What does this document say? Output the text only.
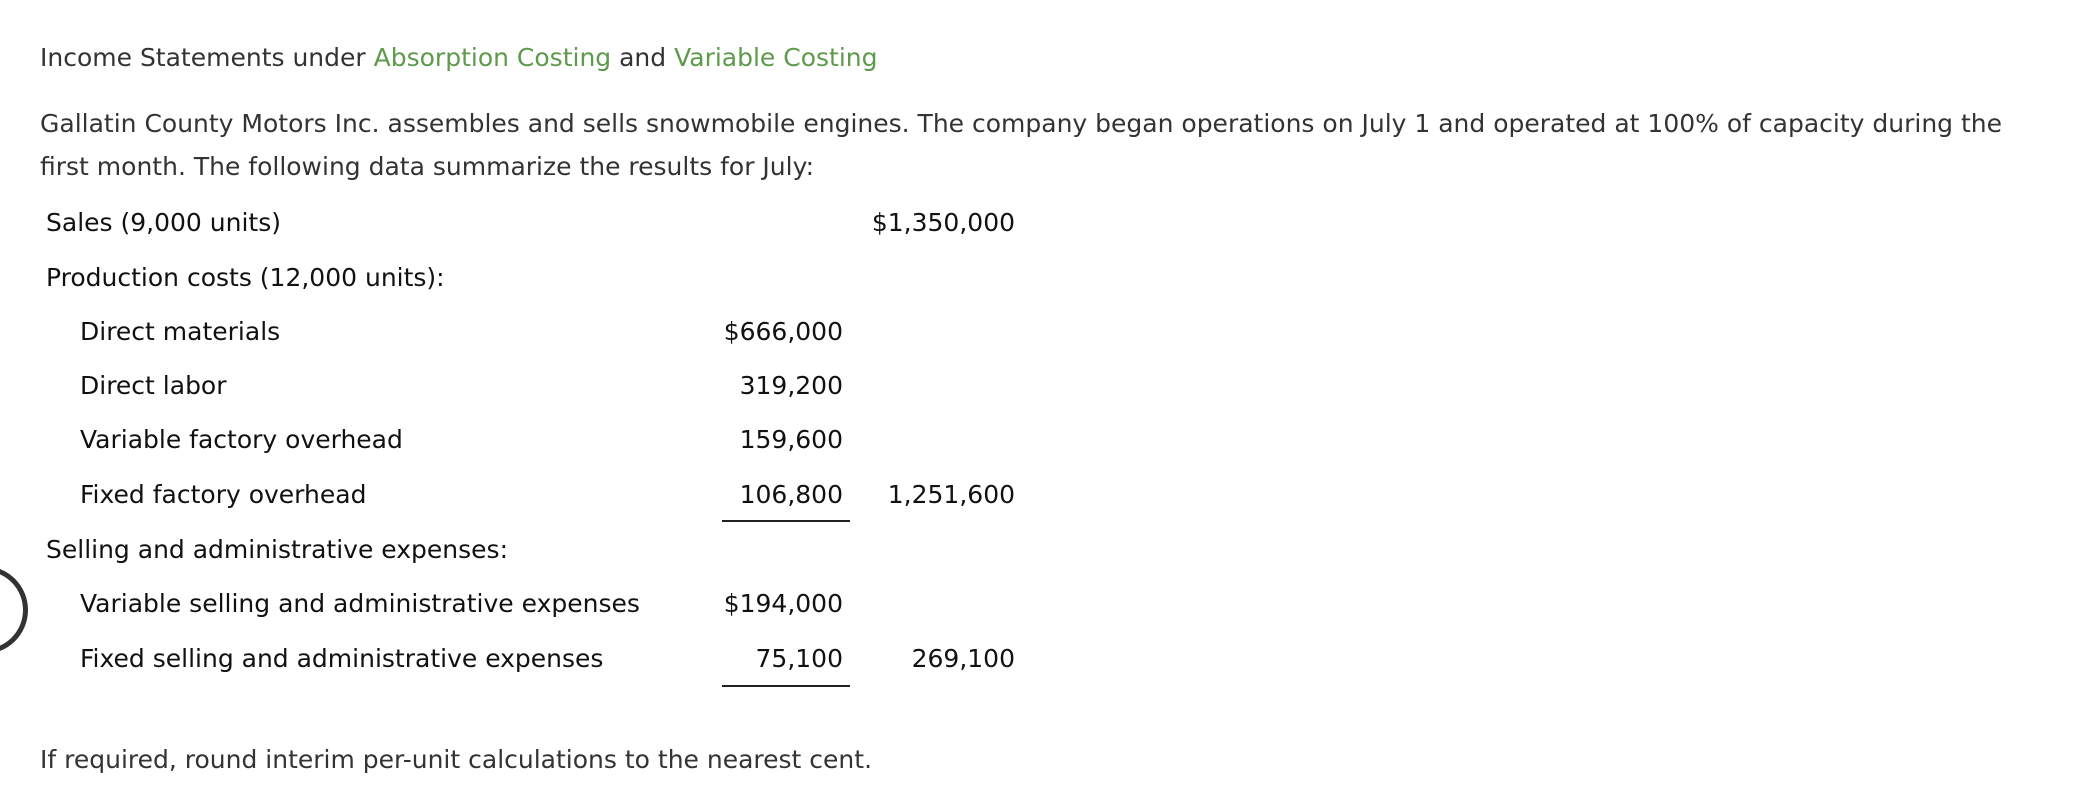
Income Statements under Absorption Costing and Variable Costing
Gallatin County Motors Inc. assembles and sells snowmobile engines. The company began operations on July 1 and operated at 100% of capacity during the first month. The following data summarize the results for July:
Sales (9,000 units)	$1,350,000
Production costs (12,000 units):
Direct materials	$666,000
Direct labor	319,200
Variable factory overhead	159,600
Fixed factory overhead	106,800 1,251,600
Selling and administrative expenses:
Variable selling and administrative expenses	$194,000
Fixed selling and administrative expenses	75,100	269,100
If required, round interim per-unit calculations to the nearest cent.
